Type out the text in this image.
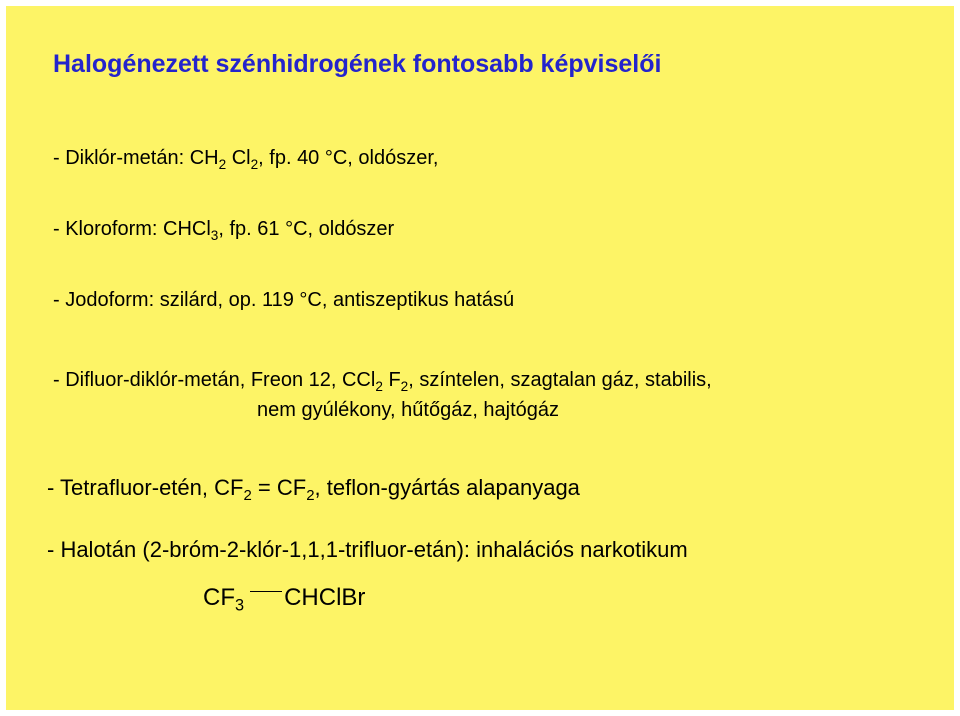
Halogénezett szénhidrogének fontosabb képviselői
- Diklór-metán: $CH_2$ $Cl_2$, fp. 40 °C, oldószer,
- Kloroform: CHCl$_3$, fp. 61 °C, oldószer
- Jodoform: szilárd, op. 119 °C, antiszeptikus hatású
- Difluor-diklór-metán, Freon 12, CCl$_2$ $F_2$, színtelen, szagtalan gáz, stabilis,
nem gyúlékony, hűtőgáz, hajtógáz
- Tetrafluor-etén, $CF_2 = CF_2$, teflon-gyártás alapanyaga
- Halotán (2-bróm-2-klór-1,1,1-trifluor-etán): inhalációs narkotikum
$CF_3$ CHClBr
